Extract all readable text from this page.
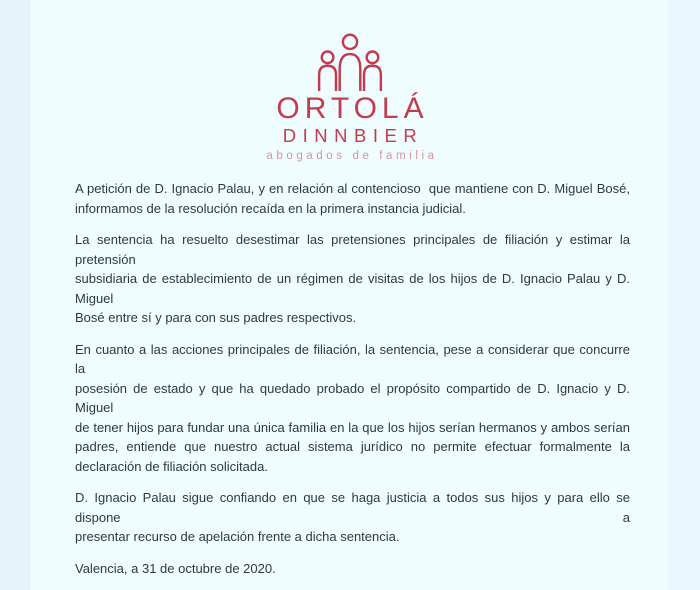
ORTOLÁ
DINNBIER
abogados de familia
A petición de D. Ignacio Palau, y en relación al contencioso  que mantiene con D. Miguel Bosé,
informamos de la resolución recaída en la primera instancia judicial.
La sentencia ha resuelto desestimar las pretensiones principales de filiación y estimar la pretensión
subsidiaria de establecimiento de un régimen de visitas de los hijos de D. Ignacio Palau y D. Miguel
Bosé entre sí y para con sus padres respectivos.
En cuanto a las acciones principales de filiación, la sentencia, pese a considerar que concurre la
posesión de estado y que ha quedado probado el propósito compartido de D. Ignacio y D. Miguel
de tener hijos para fundar una única familia en la que los hijos serían hermanos y ambos serían
padres, entiende que nuestro actual sistema jurídico no permite efectuar formalmente la
declaración de filiación solicitada.
D. Ignacio Palau sigue confiando en que se haga justicia a todos sus hijos y para ello se dispone a
presentar recurso de apelación frente a dicha sentencia.
Valencia, a 31 de octubre de 2020.
